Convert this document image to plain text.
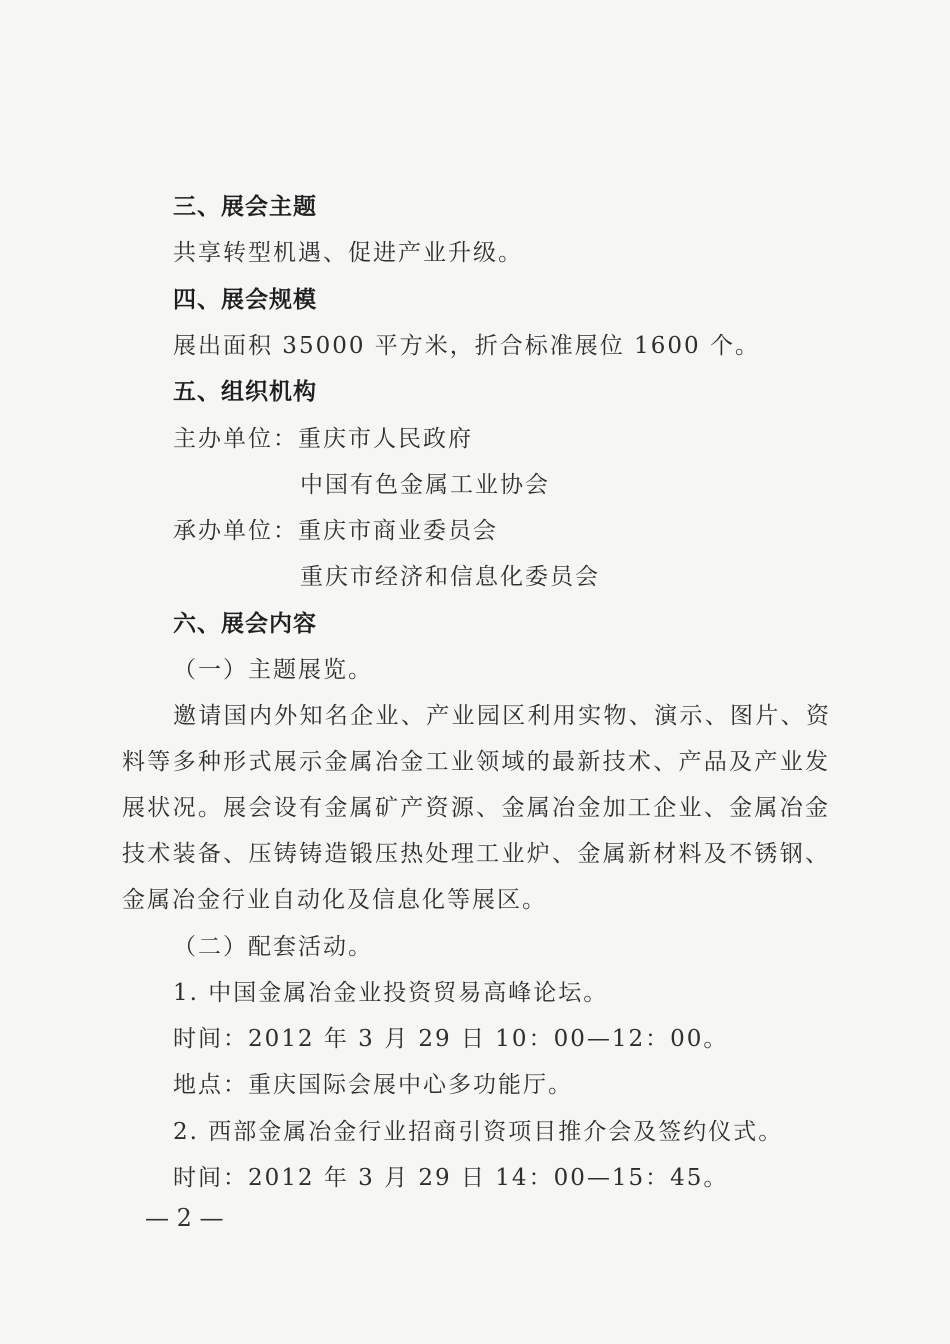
三、展会主题
共享转型机遇、促进产业升级。
四、展会规模
展出面积 35000 平方米，折合标准展位 1600 个。
五、组织机构
主办单位：重庆市人民政府
中国有色金属工业协会
承办单位：重庆市商业委员会
重庆市经济和信息化委员会
六、展会内容
（一）主题展览。
邀请国内外知名企业、产业园区利用实物、演示、图片、资
料等多种形式展示金属冶金工业领域的最新技术、产品及产业发
展状况。展会设有金属矿产资源、金属冶金加工企业、金属冶金
技术装备、压铸铸造锻压热处理工业炉、金属新材料及不锈钢、
金属冶金行业自动化及信息化等展区。
（二）配套活动。
1. 中国金属冶金业投资贸易高峰论坛。
时间：2012 年 3 月 29 日 10：00—12：00。
地点：重庆国际会展中心多功能厅。
2. 西部金属冶金行业招商引资项目推介会及签约仪式。
时间：2012 年 3 月 29 日 14：00—15：45。
— 2 —
